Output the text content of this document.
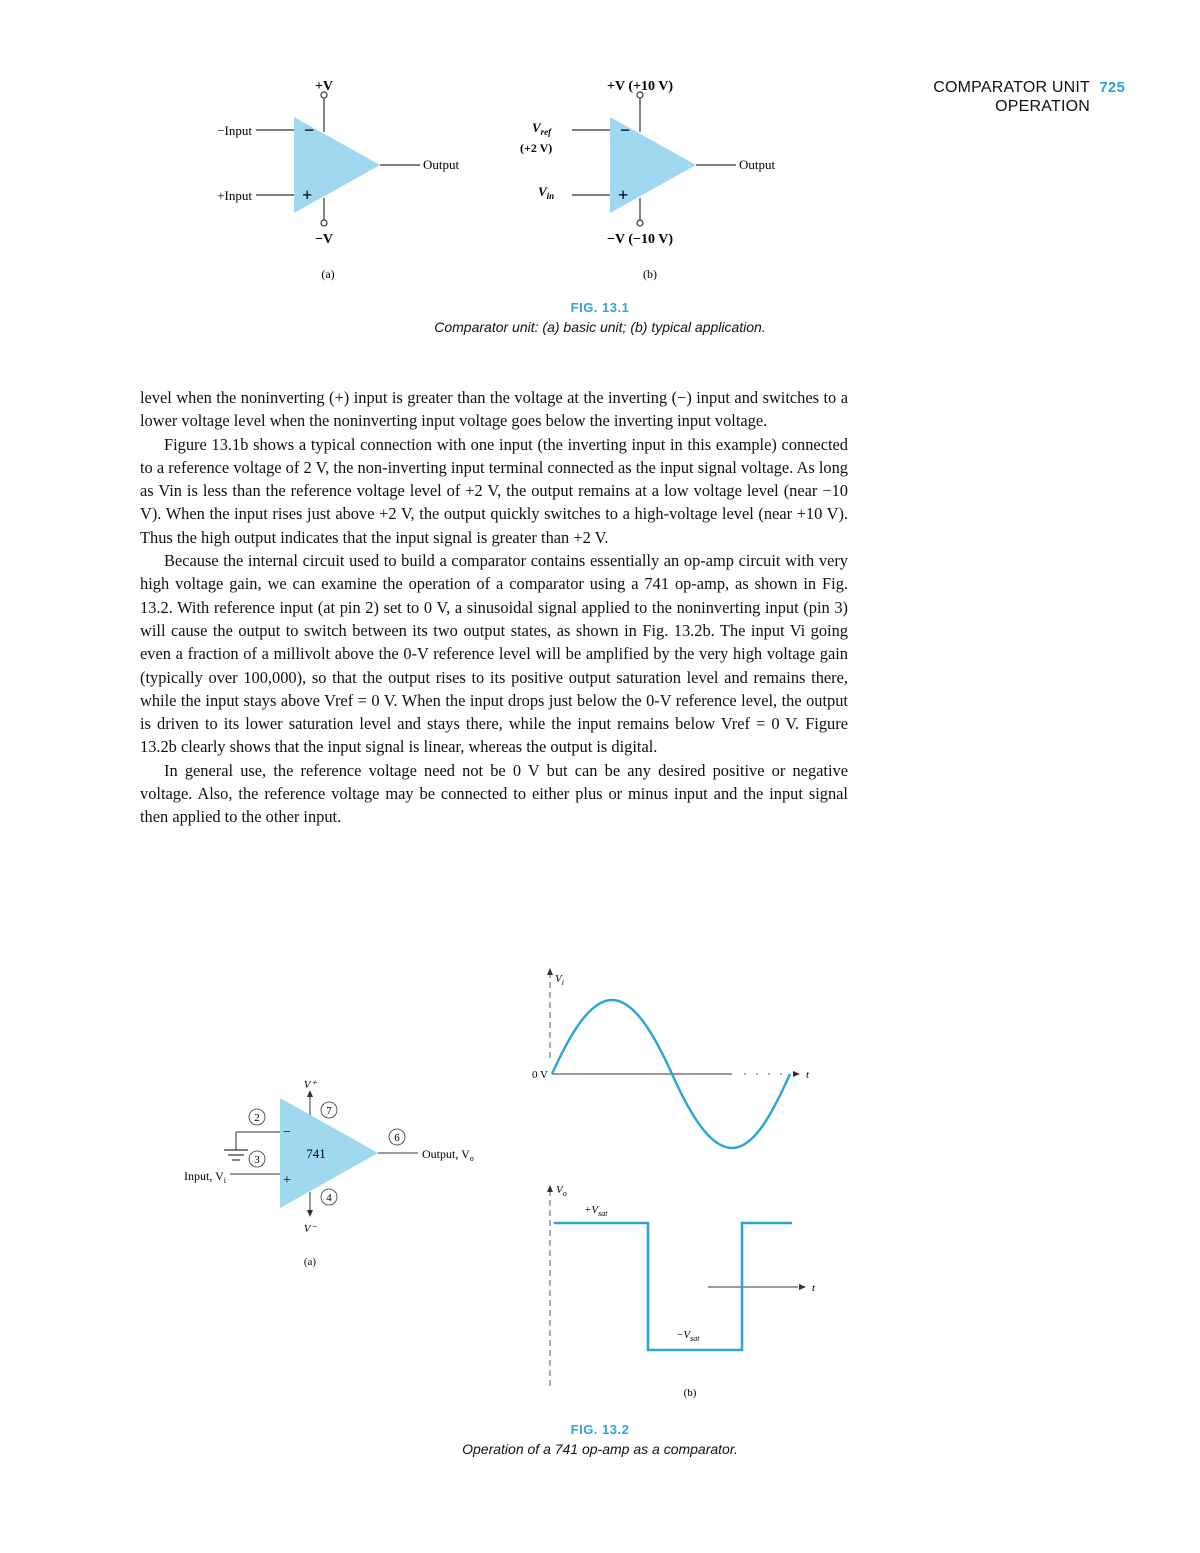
COMPARATOR UNIT
OPERATION
725
+V
−V
−Input
+Input
−
+
Output
(a)
+V (+10 V)
−V (−10 V)
$V_{ref}$
(+2 V)
$V_{in}$
−
+
Output
(b)
FIG. 13.1
Comparator unit: (a) basic unit; (b) typical application.

level when the noninverting (+) input is greater than the voltage at the inverting (−) input and switches to a lower voltage level when the noninverting input voltage goes below the inverting input voltage.

Figure 13.1b shows a typical connection with one input (the inverting input in this example) connected to a reference voltage of 2 V, the non-inverting input terminal connected as the input signal voltage. As long as Vin is less than the reference voltage level of +2 V, the output remains at a low voltage level (near −10 V). When the input rises just above +2 V, the output quickly switches to a high-voltage level (near +10 V). Thus the high output indicates that the input signal is greater than +2 V.

Because the internal circuit used to build a comparator contains essentially an op-amp circuit with very high voltage gain, we can examine the operation of a comparator using a 741 op-amp, as shown in Fig. 13.2. With reference input (at pin 2) set to 0 V, a sinusoidal signal applied to the noninverting input (pin 3) will cause the output to switch between its two output states, as shown in Fig. 13.2b. The input Vi going even a fraction of a millivolt above the 0-V reference level will be amplified by the very high voltage gain (typically over 100,000), so that the output rises to its positive output saturation level and remains there, while the input stays above Vref = 0 V. When the input drops just below the 0-V reference level, the output is driven to its lower saturation level and stays there, while the input remains below Vref = 0 V. Figure 13.2b clearly shows that the input signal is linear, whereas the output is digital.

In general use, the reference voltage need not be 0 V but can be any desired positive or negative voltage. Also, the reference voltage may be connected to either plus or minus input and the input signal then applied to the other input.

741
−
+
V⁺
7
V⁻
4
2
3
Input, $V_i$
6
Output, $V_o$
(a)
$V_i$
0 V	t
$V_o$
$+V_{sat}$
t
$-V_{sat}$
(b)
FIG. 13.2
Operation of a 741 op-amp as a comparator.
